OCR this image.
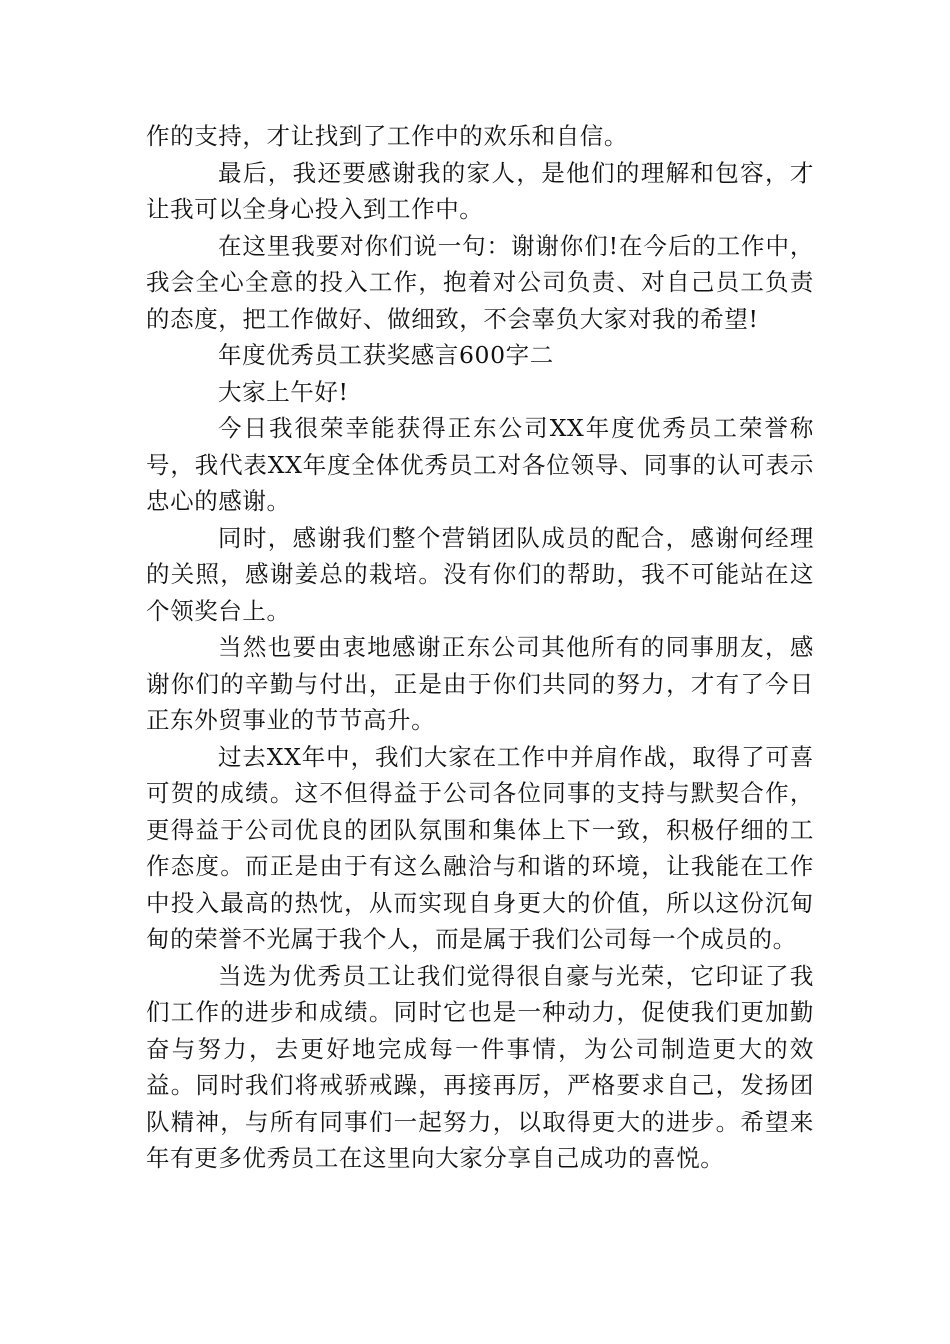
作的支持，才让找到了工作中的欢乐和自信。

最后，我还要感谢我的家人，是他们的理解和包容，才让我可以全身心投入到工作中。

在这里我要对你们说一句：谢谢你们!在今后的工作中，我会全心全意的投入工作，抱着对公司负责、对自己员工负责的态度，把工作做好、做细致，不会辜负大家对我的希望!

年度优秀员工获奖感言600字二

大家上午好!

今日我很荣幸能获得正东公司XX年度优秀员工荣誉称号，我代表XX年度全体优秀员工对各位领导、同事的认可表示忠心的感谢。

同时，感谢我们整个营销团队成员的配合，感谢何经理的关照，感谢姜总的栽培。没有你们的帮助，我不可能站在这个领奖台上。

当然也要由衷地感谢正东公司其他所有的同事朋友，感谢你们的辛勤与付出，正是由于你们共同的努力，才有了今日正东外贸事业的节节高升。

过去XX年中，我们大家在工作中并肩作战，取得了可喜可贺的成绩。这不但得益于公司各位同事的支持与默契合作，更得益于公司优良的团队氛围和集体上下一致，积极仔细的工作态度。而正是由于有这么融洽与和谐的环境，让我能在工作中投入最高的热忱，从而实现自身更大的价值，所以这份沉甸甸的荣誉不光属于我个人，而是属于我们公司每一个成员的。

当选为优秀员工让我们觉得很自豪与光荣，它印证了我们工作的进步和成绩。同时它也是一种动力，促使我们更加勤奋与努力，去更好地完成每一件事情，为公司制造更大的效益。同时我们将戒骄戒躁，再接再厉，严格要求自己，发扬团队精神，与所有同事们一起努力，以取得更大的进步。希望来年有更多优秀员工在这里向大家分享自己成功的喜悦。
